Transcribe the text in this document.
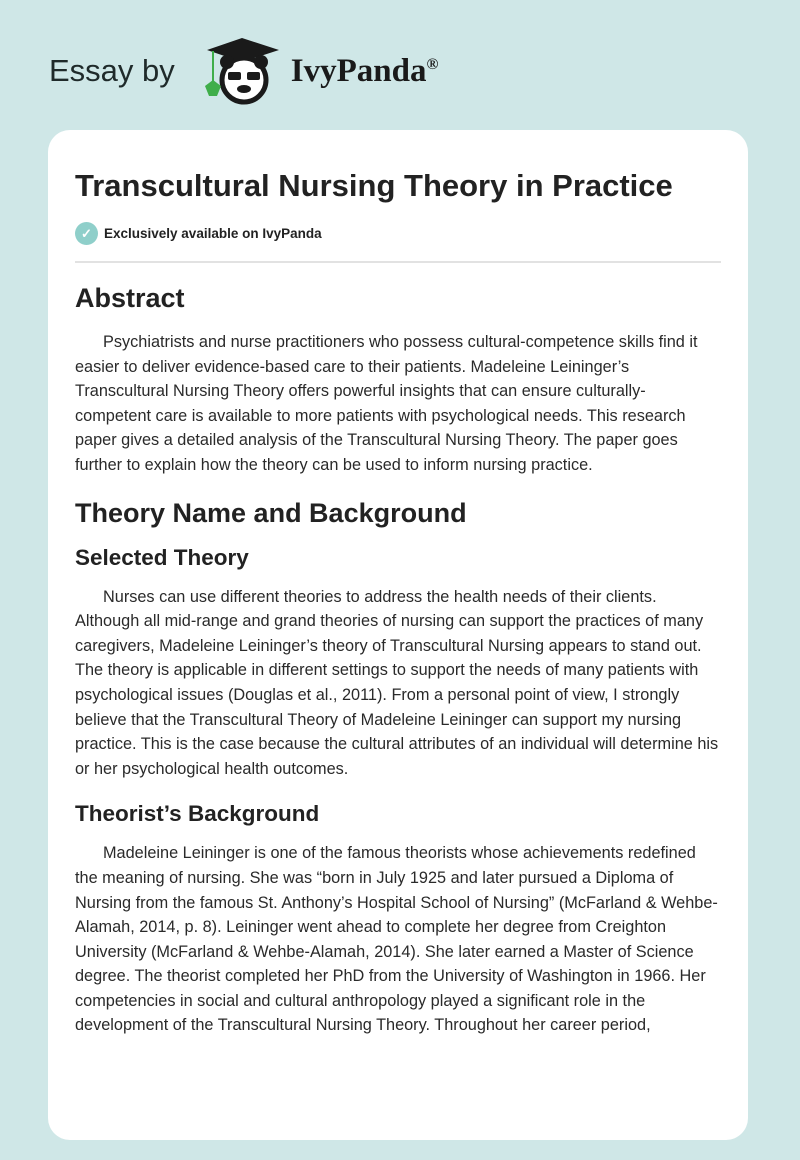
Essay by	IvyPanda®
Transcultural Nursing Theory in Practice
✓ Exclusively available on IvyPanda
Abstract

Psychiatrists and nurse practitioners who possess cultural-competence skills find it easier to deliver evidence-based care to their patients. Madeleine Leininger’s Transcultural Nursing Theory offers powerful insights that can ensure culturally-competent care is available to more patients with psychological needs. This research paper gives a detailed analysis of the Transcultural Nursing Theory. The paper goes further to explain how the theory can be used to inform nursing practice.

Theory Name and Background
Selected Theory

Nurses can use different theories to address the health needs of their clients. Although all mid-range and grand theories of nursing can support the practices of many caregivers, Madeleine Leininger’s theory of Transcultural Nursing appears to stand out. The theory is applicable in different settings to support the needs of many patients with psychological issues (Douglas et al., 2011). From a personal point of view, I strongly believe that the Transcultural Theory of Madeleine Leininger can support my nursing practice. This is the case because the cultural attributes of an individual will determine his or her psychological health outcomes.

Theorist’s Background

Madeleine Leininger is one of the famous theorists whose achievements redefined the meaning of nursing. She was “born in July 1925 and later pursued a Diploma of Nursing from the famous St. Anthony’s Hospital School of Nursing” (McFarland & Wehbe-Alamah, 2014, p. 8). Leininger went ahead to complete her degree from Creighton University (McFarland & Wehbe-Alamah, 2014). She later earned a Master of Science degree. The theorist completed her PhD from the University of Washington in 1966. Her competencies in social and cultural anthropology played a significant role in the development of the Transcultural Nursing Theory. Throughout her career period,
